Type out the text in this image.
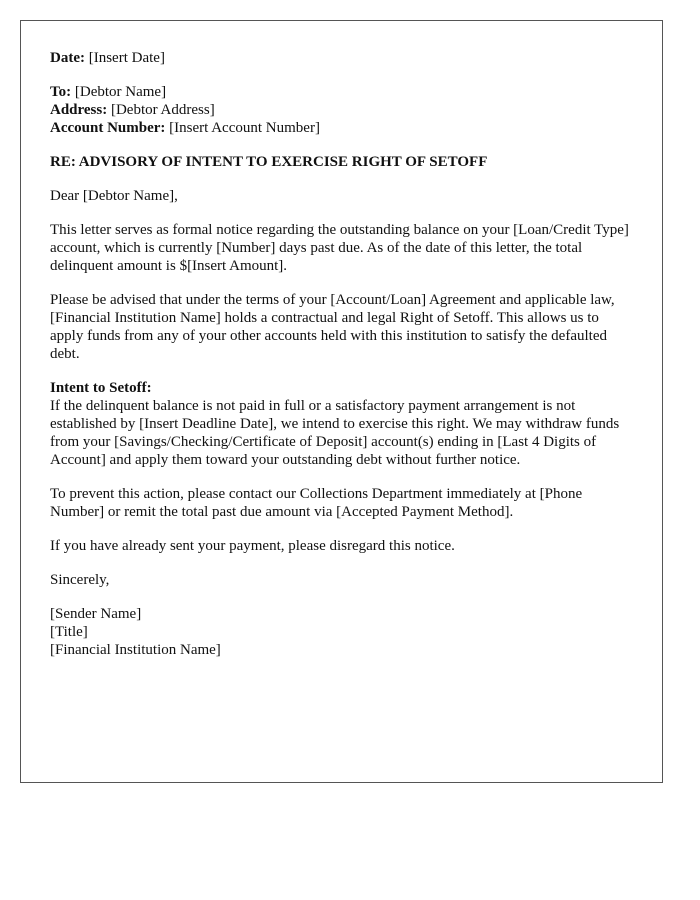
Date: [Insert Date]

To: [Debtor Name]
Address: [Debtor Address]
Account Number: [Insert Account Number]

RE: ADVISORY OF INTENT TO EXERCISE RIGHT OF SETOFF

Dear [Debtor Name],

This letter serves as formal notice regarding the outstanding balance on your [Loan/Credit Type] account, which is currently [Number] days past due. As of the date of this letter, the total delinquent amount is $[Insert Amount].

Please be advised that under the terms of your [Account/Loan] Agreement and applicable law, [Financial Institution Name] holds a contractual and legal Right of Setoff. This allows us to apply funds from any of your other accounts held with this institution to satisfy the defaulted debt.

Intent to Setoff:
If the delinquent balance is not paid in full or a satisfactory payment arrangement is not established by [Insert Deadline Date], we intend to exercise this right. We may withdraw funds from your [Savings/Checking/Certificate of Deposit] account(s) ending in [Last 4 Digits of Account] and apply them toward your outstanding debt without further notice.

To prevent this action, please contact our Collections Department immediately at [Phone Number] or remit the total past due amount via [Accepted Payment Method].

If you have already sent your payment, please disregard this notice.

Sincerely,

[Sender Name]
[Title]
[Financial Institution Name]
